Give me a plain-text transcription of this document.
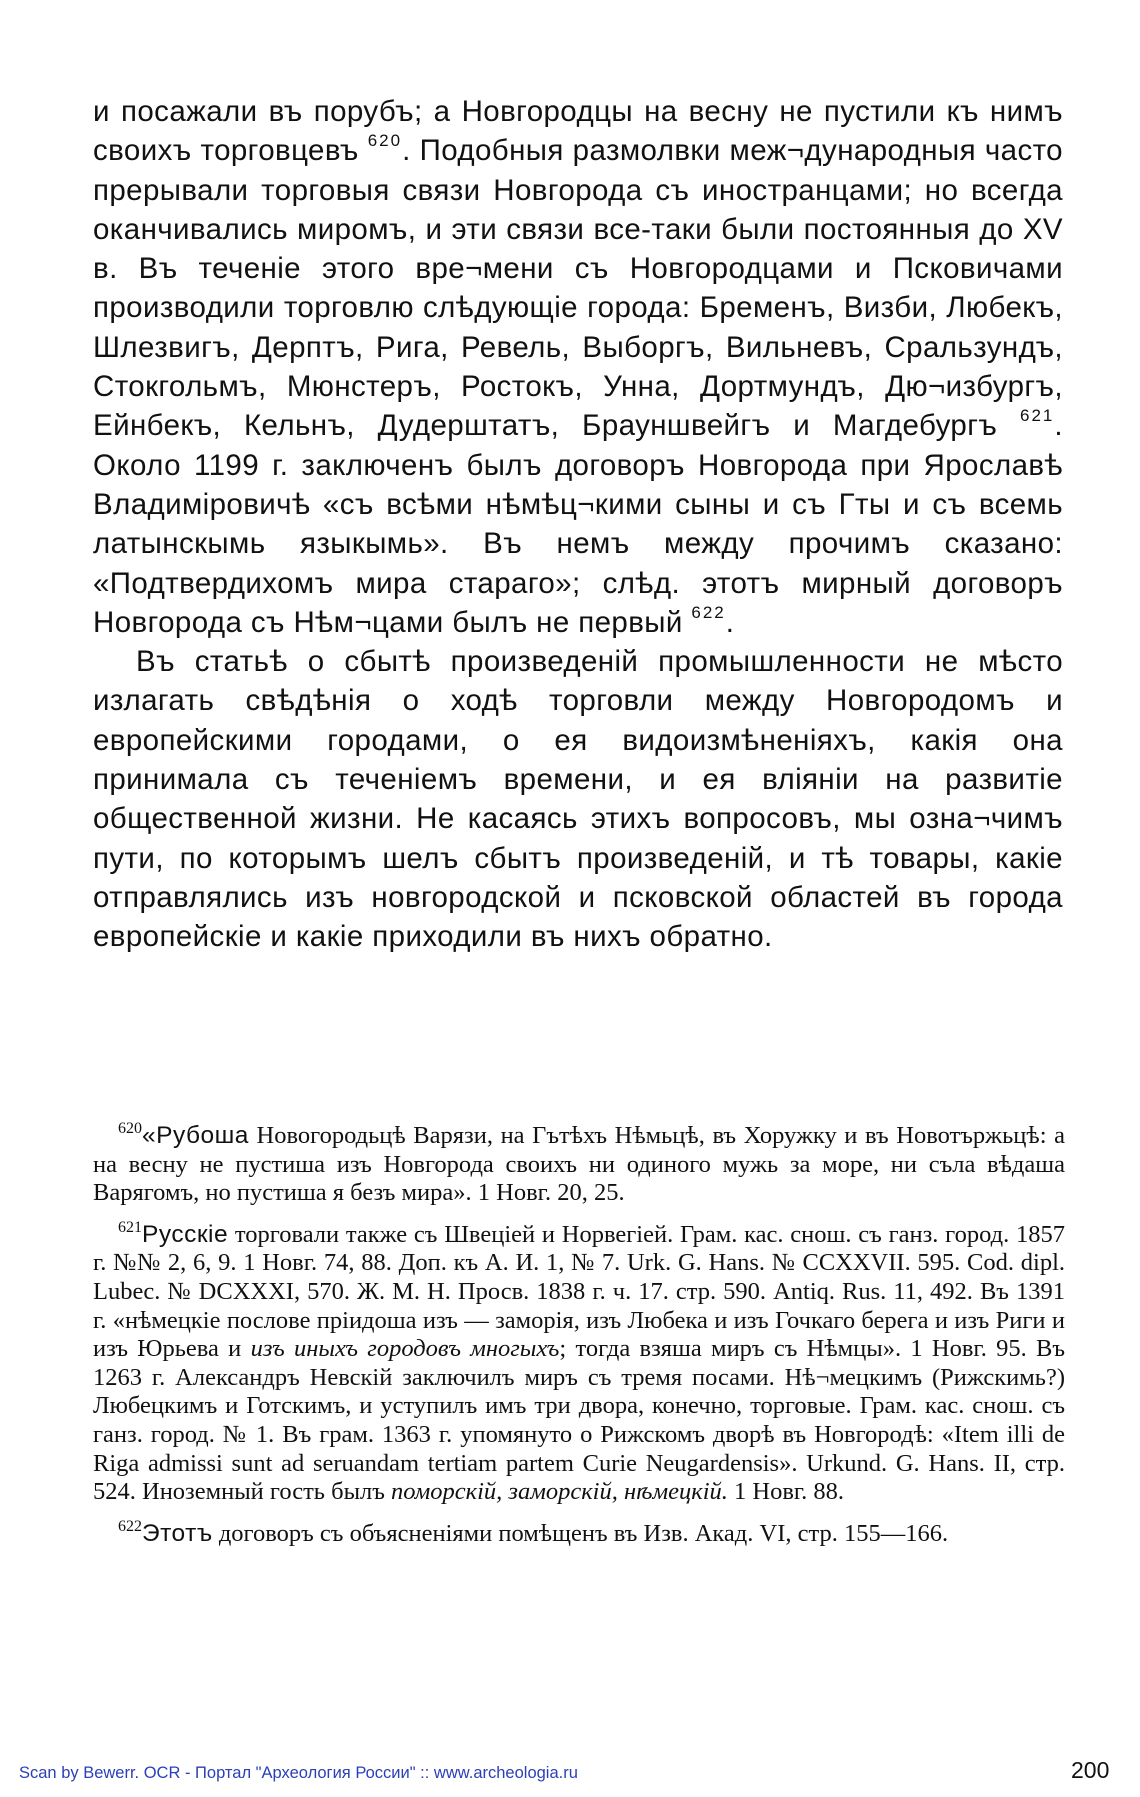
и посажали въ порубъ; а Новгородцы на весну не пустили къ нимъ своихъ торговцевъ $^{620}$. Подобныя размолвки меж¬дународныя часто прерывали торговыя связи Новгорода съ иностранцами; но всегда оканчивались миромъ, и эти связи все-таки были постоянныя до XV в. Въ теченіе этого вре¬мени съ Новгородцами и Псковичами производили торговлю слѣдующіе города: Бременъ, Визби, Любекъ, Шлезвигъ, Дерптъ, Рига, Ревель, Выборгъ, Вильневъ, Сральзундъ, Стокгольмъ, Мюнстеръ, Ростокъ, Унна, Дортмундъ, Дю¬избургъ, Ейнбекъ, Кельнъ, Дудерштатъ, Брауншвейгъ и Магдебургъ $^{621}$. Около 1199 г. заключенъ былъ договоръ Новгорода при Ярославѣ Владиміровичѣ «съ всѣми нѣмѣц¬кими сыны и съ Гты и съ всемь латынскымь языкымь». Въ немъ между прочимъ сказано: «Подтвердихомъ мира стараго»; слѣд. этотъ мирный договоръ Новгорода съ Нѣм¬цами былъ не первый $^{622}$.

Въ статьѣ о сбытѣ произведеній промышленности не мѣсто излагать свѣдѣнія о ходѣ торговли между Новгородомъ и европейскими городами, о ея видоизмѣненіяхъ, какія она принимала съ теченіемъ времени, и ея вліяніи на развитіе общественной жизни. Не касаясь этихъ вопросовъ, мы озна¬чимъ пути, по которымъ шелъ сбытъ произведеній, и тѣ товары, какіе отправлялись изъ новгородской и псковской областей въ города европейскіе и какіе приходили въ нихъ обратно.

$^{620}$«Рубоша Новогородьцѣ Варязи, на Гътѣхъ Нѣмьцѣ, въ Хоружку и въ Новотържьцѣ: а на весну не пустиша изъ Новгорода своихъ ни одиного мужь за море, ни съла вѣдаша Варягомъ, но пустиша я безъ мира». 1 Новг. 20, 25.

$^{621}$Русскіе торговали также съ Швеціей и Норвегіей. Грам. кас. снош. съ ганз. город. 1857 г. №№ 2, 6, 9. 1 Новг. 74, 88. Доп. къ А. И. 1, № 7. Urk. G. Hans. № CCXXVII. 595. Cod. dipl. Lubec. № DCXXXI, 570. Ж. М. Н. Просв. 1838 г. ч. 17. стр. 590. Antiq. Rus. 11, 492. Въ 1391 г. «нѣмецкіе послове пріидоша изъ — заморія, изъ Любека и изъ Гочкаго берега и изъ Риги и изъ Юрьева и изъ иныхъ городовъ многыхъ; тогда взяша миръ съ Нѣмцы». 1 Новг. 95. Въ 1263 г. Александръ Невскій заключилъ миръ съ тремя посами. Нѣ¬мецкимъ (Рижскимь?) Любецкимъ и Готскимъ, и уступилъ имъ три двора, конечно, торговые. Грам. кас. снош. съ ганз. город. № 1. Въ грам. 1363 г. упомянуто о Рижскомъ дворѣ въ Новгородѣ: «Item illi de Riga admissi sunt ad seruandam tertiam partem Curie Neugardensis». Urkund. G. Hans. II, стр. 524. Иноземный гость былъ поморскій, заморскій, нѣмецкій. 1 Новг. 88.

$^{622}$Этотъ договоръ съ объясненіями помѣщенъ въ Изв. Акад. VI, стр. 155—166.

Scan by Bewerr. OCR - Портал "Археология России" :: www.archeologia.ru	200
